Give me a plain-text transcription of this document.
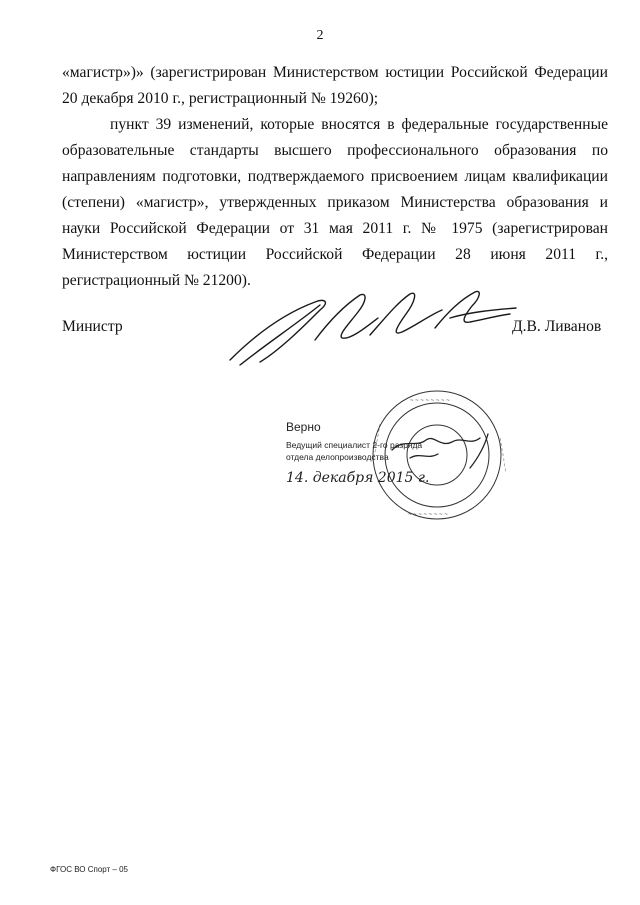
2

«магистр»)» (зарегистрирован Министерством юстиции Российской Федерации 20 декабря 2010 г., регистрационный № 19260);

пункт 39 изменений, которые вносятся в федеральные государственные образовательные стандарты высшего профессионального образования по направлениям подготовки, подтверждаемого присвоением лицам квалификации (степени) «магистр», утвержденных приказом Министерства образования и науки Российской Федерации от 31 мая 2011 г. № 1975 (зарегистрирован Министерством юстиции Российской Федерации 28 июня 2011 г., регистрационный № 21200).

Министр	Д.В. Ливанов
~ ~ ~ ~ ~ ~ ~ ~
~ ~ ~ ~ ~ ~ ~	~ ~ ~ ~ ~ ~ ~
~ ~ ~ ~ ~ ~ ~ ~
Верно
Ведущий специалист 2-го разряда
отдела делопроизводства
14. декабря 2015 г.
ФГОС ВО Спорт – 05
